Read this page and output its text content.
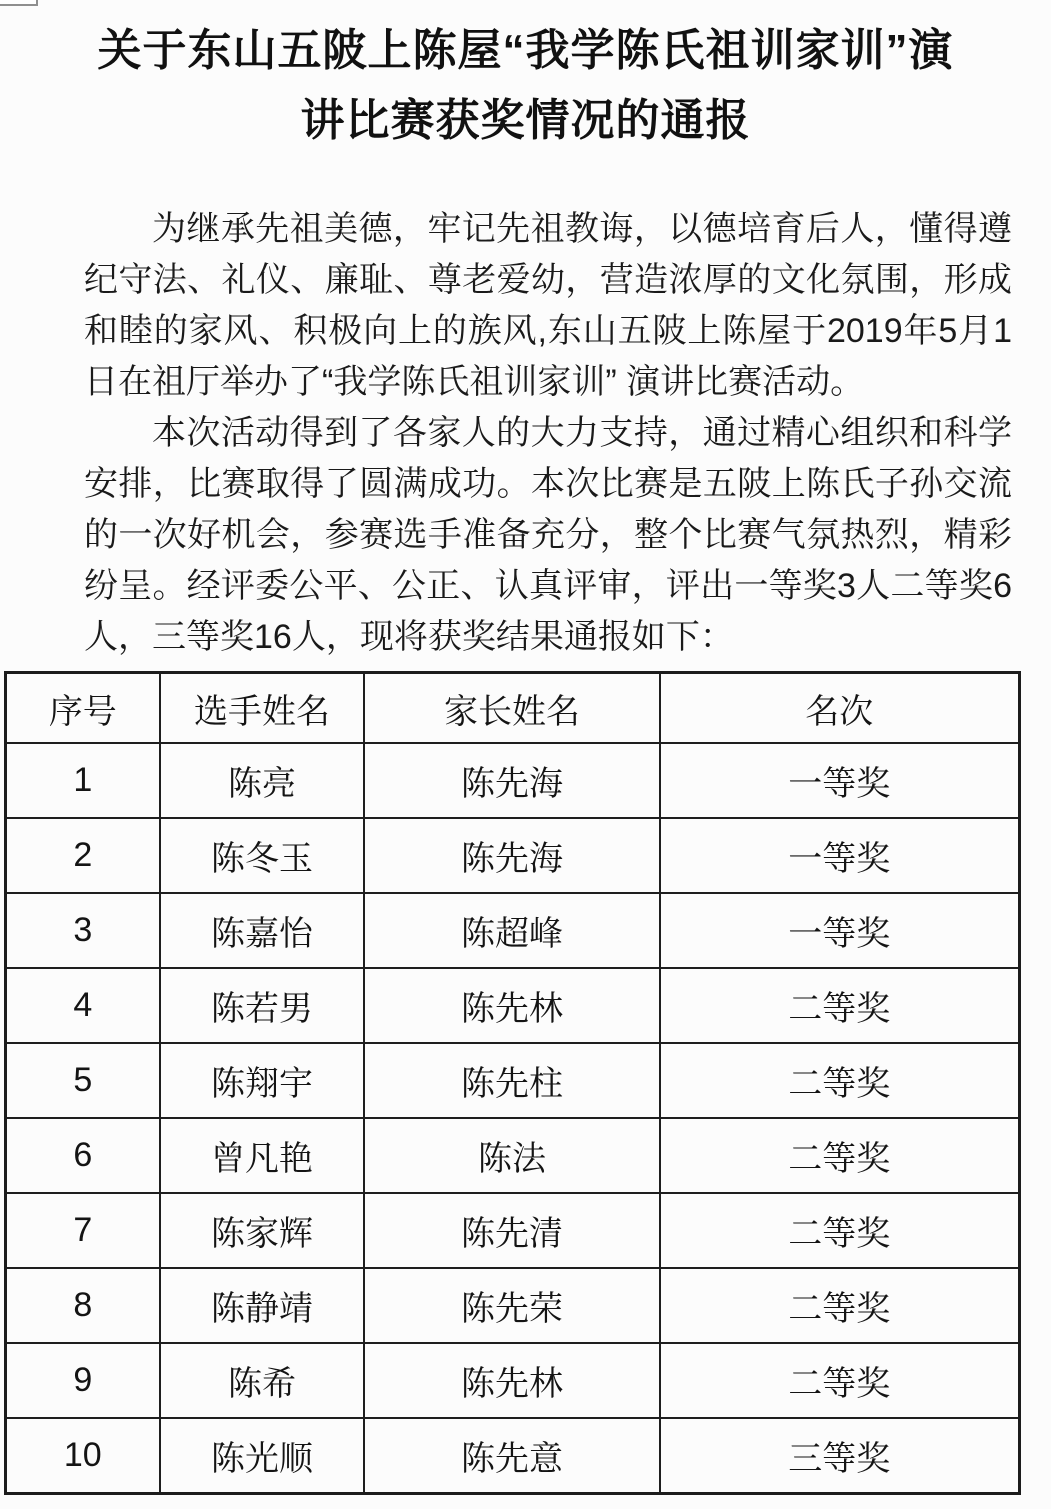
关于东山五陂上陈屋“我学陈氏祖训家训”演讲比赛获奖情况的通报

为继承先祖美德，牢记先祖教诲，以德培育后人，懂得遵纪守法、礼仪、廉耻、尊老爱幼，营造浓厚的文化氛围，形成和睦的家风、积极向上的族风,东山五陂上陈屋于2019年5月1日在祖厅举办了“我学陈氏祖训家训” 演讲比赛活动。

本次活动得到了各家人的大力支持，通过精心组织和科学安排，比赛取得了圆满成功。本次比赛是五陂上陈氏子孙交流的一次好机会，参赛选手准备充分，整个比赛气氛热烈，精彩纷呈。经评委公平、公正、认真评审，评出一等奖3人二等奖6人，三等奖16人，现将获奖结果通报如下：

序号	选手姓名	家长姓名	名次
1	陈亮	陈先海	一等奖
2	陈冬玉	陈先海	一等奖
3	陈嘉怡	陈超峰	一等奖
4	陈若男	陈先林	二等奖
5	陈翔宇	陈先柱	二等奖
6	曾凡艳	陈法	二等奖
7	陈家辉	陈先清	二等奖
8	陈静靖	陈先荣	二等奖
9	陈希	陈先林	二等奖
10	陈光顺	陈先意	三等奖
